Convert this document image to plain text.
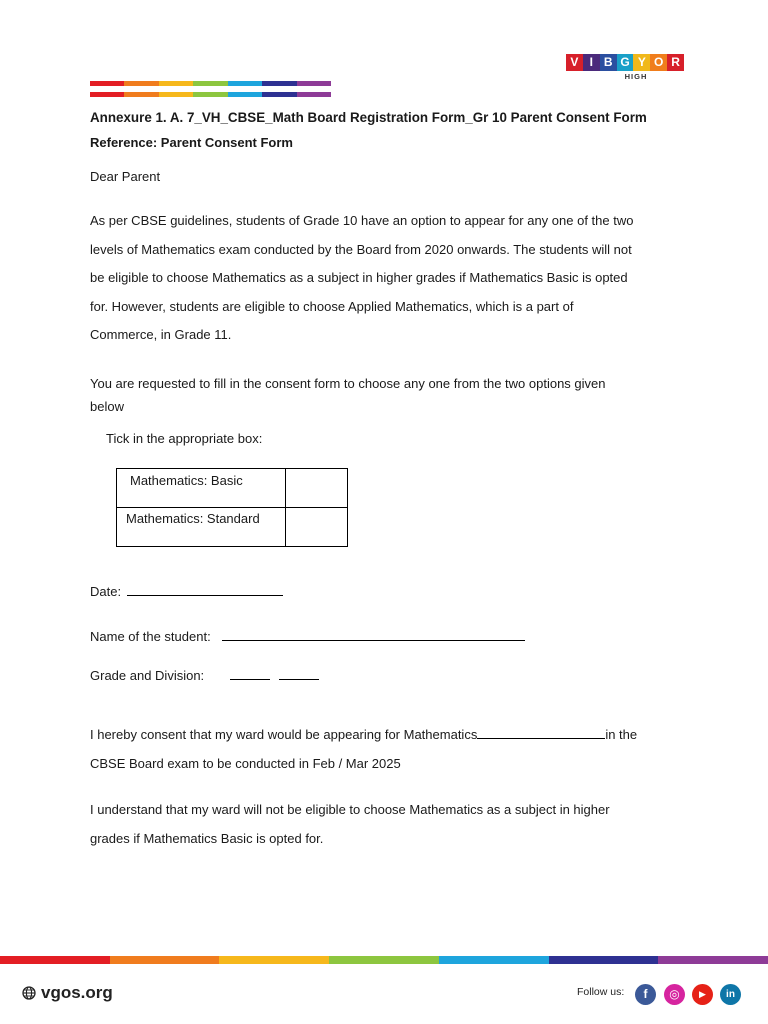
V I B G Y O R
HIGH
Annexure 1. A. 7_VH_CBSE_Math Board Registration Form_Gr 10 Parent Consent Form
Reference: Parent Consent Form
Dear Parent

As per CBSE guidelines, students of Grade 10 have an option to appear for any one of the two

levels of Mathematics exam conducted by the Board from 2020 onwards. The students will not

be eligible to choose Mathematics as a subject in higher grades if Mathematics Basic is opted

for. However, students are eligible to choose Applied Mathematics, which is a part of

Commerce, in Grade 11.

You are requested to fill in the consent form to choose any one from the two options given
below
Tick in the appropriate box:
Mathematics: Basic	

Mathematics: Standard	

Date:
Name of the student:
Grade and Division:

I hereby consent that my ward would be appearing for Mathematics	in the

CBSE Board exam to be conducted in Feb / Mar 2025

I understand that my ward will not be eligible to choose Mathematics as a subject in higher

grades if Mathematics Basic is opted for.

vgos.org	Follow us:	f	◎	▶	in
